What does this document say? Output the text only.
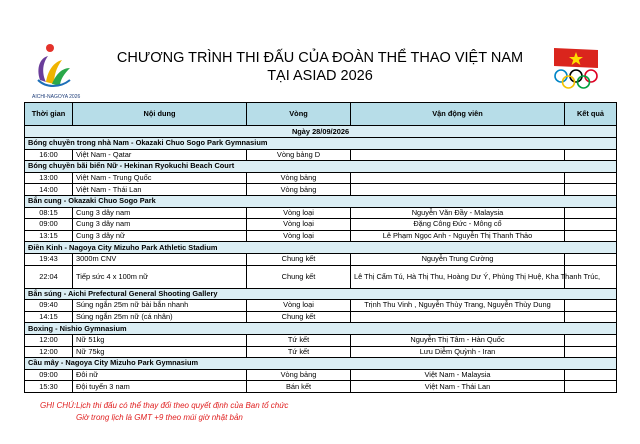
AICHI-NAGOYA 2026
CHƯƠNG TRÌNH THI ĐẤU CỦA ĐOÀN THỂ THAO VIỆT NAM
TẠI ASIAD 2026
Thời gian	Nội dung	Vòng	Vận động viên	Kết quả
Ngày 28/09/2026				
Bóng chuyền trong nhà Nam - Okazaki Chuo Sogo Park Gymnasium				
16:00	Việt Nam - Qatar	Vòng bảng D		
Bóng chuyền bãi biển Nữ - Hekinan Ryokuchi Beach Court				
13:00	Việt Nam - Trung Quốc	Vòng bảng		
14:00	Việt Nam - Thái Lan	Vòng bảng		
Bắn cung - Okazaki Chuo Sogo Park				
08:15	Cung 3 dây nam	Vòng loại	Nguyễn Văn Đầy - Malaysia	
09:00	Cung 3 dây nam	Vòng loại	Đặng Công Đức - Mông cổ	
13:15	Cung 3 dây nữ	Vòng loại	Lê Phạm Ngọc Anh - Nguyễn Thị Thanh Thảo	
Điền Kinh - Nagoya City Mizuho Park Athletic Stadium				
19:43	3000m CNV	Chung kết	Nguyễn Trung Cường	
22:04	Tiếp sức 4 x 100m nữ	Chung kết	Lê Thị Cẩm Tú, Hà Thị Thu, Hoàng Dư Ý, Phùng Thị Huệ, Kha Thanh Trúc,	
Bắn súng - Aichi Prefectural General Shooting Gallery				
09:40	Súng ngắn 25m nữ bài bắn nhanh	Vòng loại	Trịnh Thu Vinh , Nguyễn Thùy Trang, Nguyễn Thùy Dung	
14:15	Súng ngắn 25m nữ (cá nhân)	Chung kết		
Boxing - Nishio Gymnasium				
12:00	Nữ 51kg	Tứ kết	Nguyễn Thị Tâm - Hàn Quốc	
12:00	Nữ 75kg	Tứ kết	Lưu Diễm Quỳnh - Iran	
Cầu mây - Nagoya City Mizuho Park Gymnasium				
09:00	Đôi nữ	Vòng bảng	Việt Nam - Malaysia	
15:30	Đội tuyển 3 nam	Bán kết	Việt Nam - Thái Lan	
GHI CHÚ:Lịch thi đấu có thể thay đổi theo quyết định của Ban tổ chức
Giờ trong lịch là GMT +9 theo múi giờ nhật bản
